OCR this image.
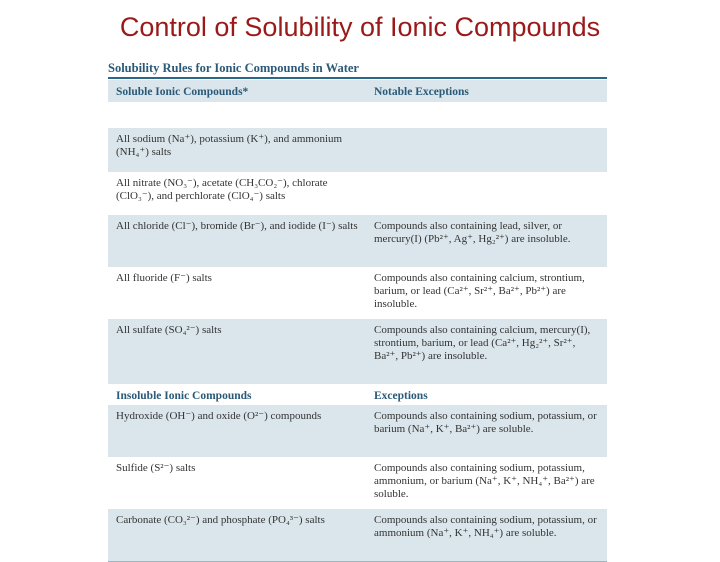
Control of Solubility of Ionic Compounds
Solubility Rules for Ionic Compounds in Water
Soluble Ionic Compounds*	Notable Exceptions
All sodium (Na⁺), potassium (K⁺), and ammonium (NH₄⁺) salts
All nitrate (NO₃⁻), acetate (CH₃CO₂⁻), chlorate (ClO₃⁻), and perchlorate (ClO₄⁻) salts
All chloride (Cl⁻), bromide (Br⁻), and iodide (I⁻) salts	Compounds also containing lead, silver, or mercury(I) (Pb²⁺, Ag⁺, Hg₂²⁺) are insoluble.
All fluoride (F⁻) salts	Compounds also containing calcium, strontium, barium, or lead (Ca²⁺, Sr²⁺, Ba²⁺, Pb²⁺) are insoluble.
All sulfate (SO₄²⁻) salts	Compounds also containing calcium, mercury(I), strontium, barium, or lead (Ca²⁺, Hg₂²⁺, Sr²⁺, Ba²⁺, Pb²⁺) are insoluble.
Insoluble Ionic Compounds	Exceptions
Hydroxide (OH⁻) and oxide (O²⁻) compounds	Compounds also containing sodium, potassium, or barium (Na⁺, K⁺, Ba²⁺) are soluble.
Sulfide (S²⁻) salts	Compounds also containing sodium, potassium, ammonium, or barium (Na⁺, K⁺, NH₄⁺, Ba²⁺) are soluble.
Carbonate (CO₃²⁻) and phosphate (PO₄³⁻) salts	Compounds also containing sodium, potassium, or ammonium (Na⁺, K⁺, NH₄⁺) are soluble.
